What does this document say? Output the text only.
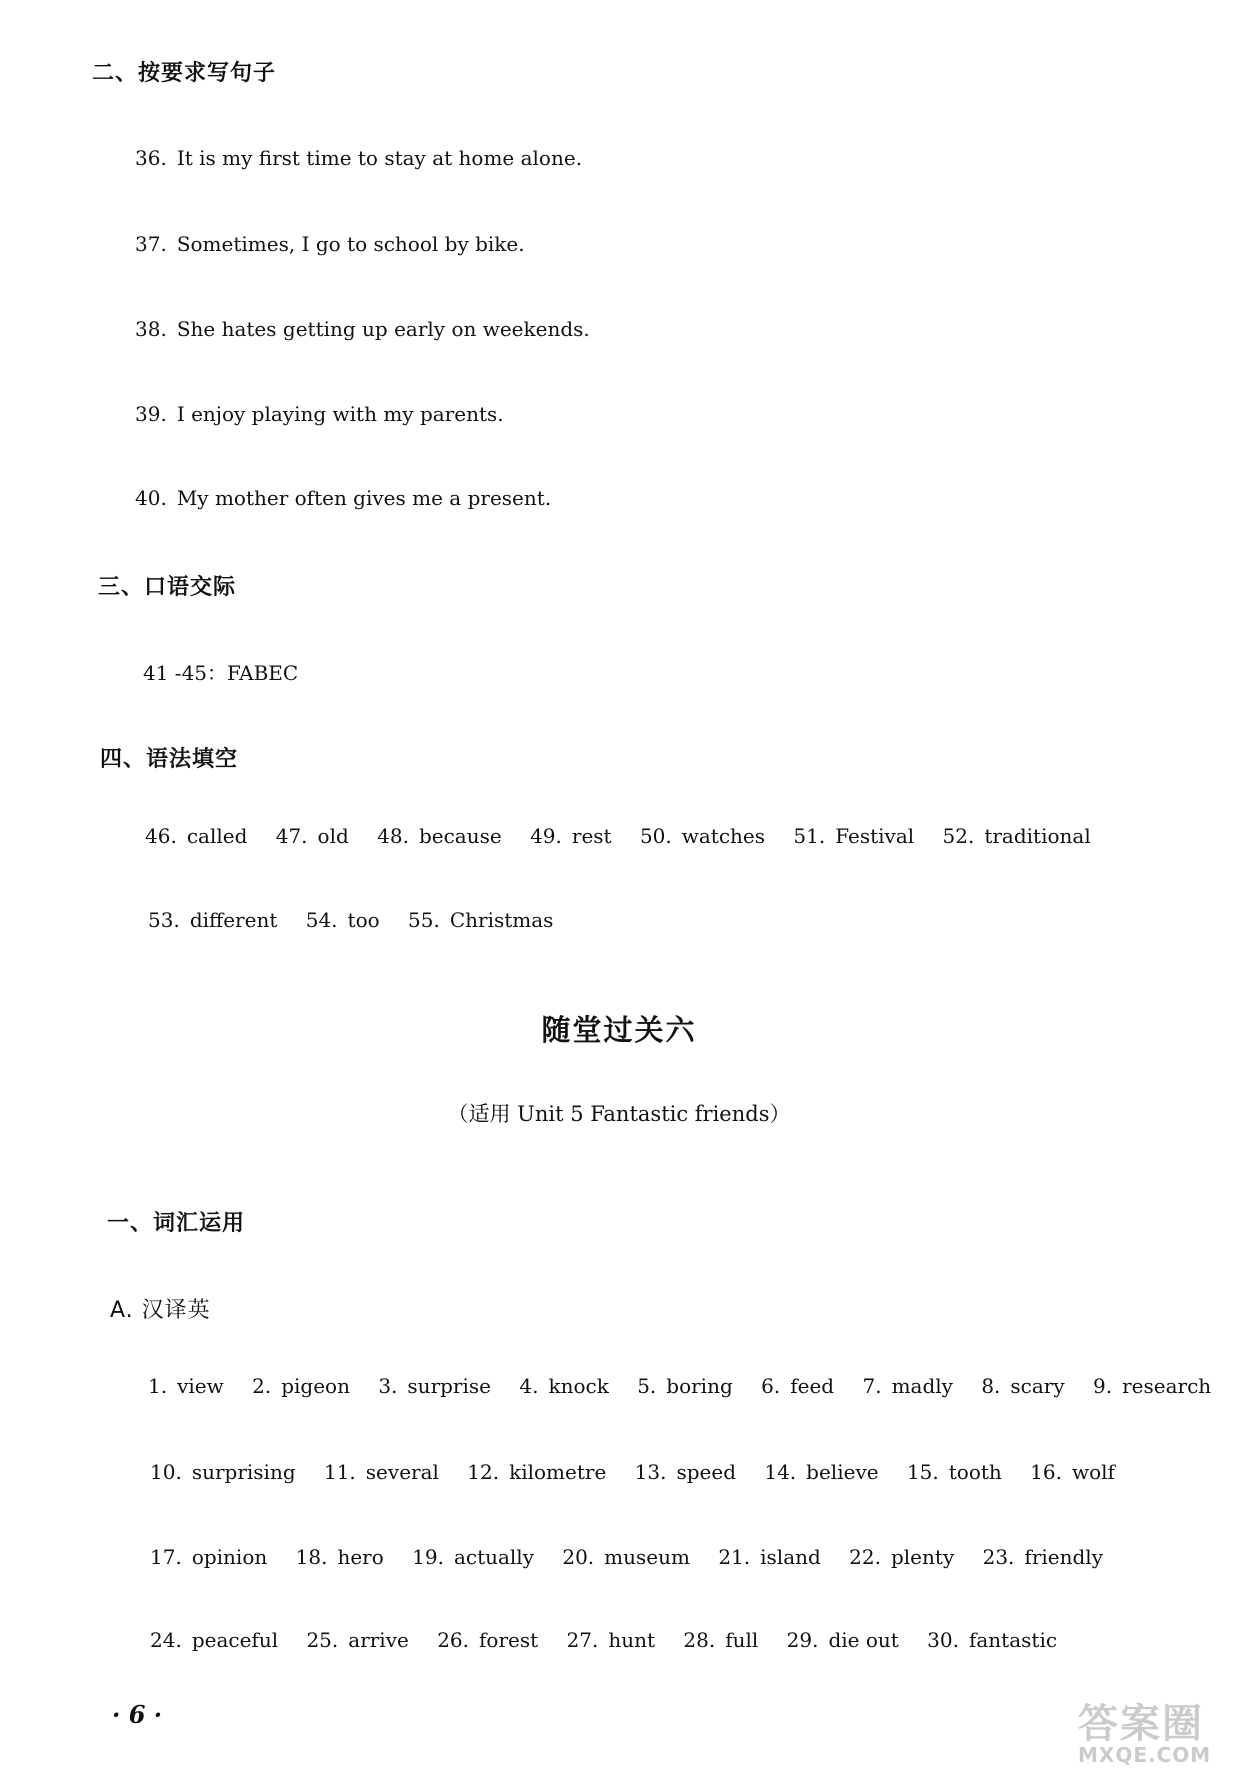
二、按要求写句子
36. It is my first time to stay at home alone.
37. Sometimes, I go to school by bike.
38. She hates getting up early on weekends.
39. I enjoy playing with my parents.
40. My mother often gives me a present.
三、口语交际
41 -45：FABEC
四、语法填空
46. called 47. old 48. because 49. rest 50. watches 51. Festival 52. traditional
53. different 54. too 55. Christmas
随堂过关六
（适用 Unit 5 Fantastic friends）
一、词汇运用
A. 汉译英
1. view 2. pigeon 3. surprise 4. knock 5. boring 6. feed 7. madly 8. scary 9. research
10. surprising 11. several 12. kilometre 13. speed 14. believe 15. tooth 16. wolf
17. opinion 18. hero 19. actually 20. museum 21. island 22. plenty 23. friendly
24. peaceful 25. arrive 26. forest 27. hunt 28. full 29. die out 30. fantastic
· 6 ·	答案圈
MXQE.COM
